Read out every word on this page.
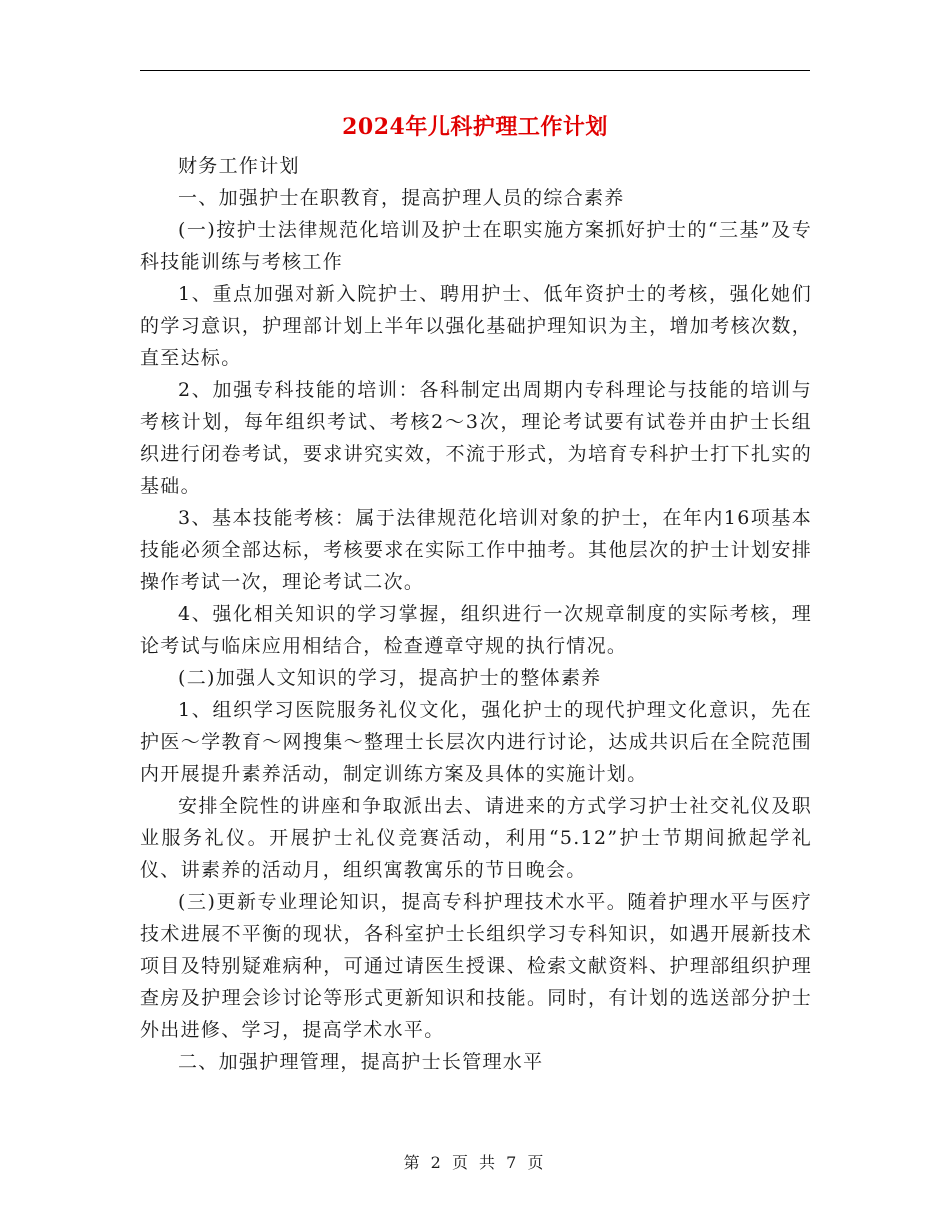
2024年儿科护理工作计划

财务工作计划

一、加强护士在职教育，提高护理人员的综合素养

(一)按护士法律规范化培训及护士在职实施方案抓好护士的“三基”及专科技能训练与考核工作

1、重点加强对新入院护士、聘用护士、低年资护士的考核，强化她们的学习意识，护理部计划上半年以强化基础护理知识为主，增加考核次数，直至达标。

2、加强专科技能的培训：各科制定出周期内专科理论与技能的培训与考核计划，每年组织考试、考核2～3次，理论考试要有试卷并由护士长组织进行闭卷考试，要求讲究实效，不流于形式，为培育专科护士打下扎实的基础。

3、基本技能考核：属于法律规范化培训对象的护士，在年内16项基本技能必须全部达标，考核要求在实际工作中抽考。其他层次的护士计划安排操作考试一次，理论考试二次。

4、强化相关知识的学习掌握，组织进行一次规章制度的实际考核，理论考试与临床应用相结合，检查遵章守规的执行情况。

(二)加强人文知识的学习，提高护士的整体素养

1、组织学习医院服务礼仪文化，强化护士的现代护理文化意识，先在护医～学教育～网搜集～整理士长层次内进行讨论，达成共识后在全院范围内开展提升素养活动，制定训练方案及具体的实施计划。

安排全院性的讲座和争取派出去、请进来的方式学习护士社交礼仪及职业服务礼仪。开展护士礼仪竞赛活动，利用“5.12”护士节期间掀起学礼仪、讲素养的活动月，组织寓教寓乐的节日晚会。

(三)更新专业理论知识，提高专科护理技术水平。随着护理水平与医疗技术进展不平衡的现状，各科室护士长组织学习专科知识，如遇开展新技术项目及特别疑难病种，可通过请医生授课、检索文献资料、护理部组织护理查房及护理会诊讨论等形式更新知识和技能。同时，有计划的选送部分护士外出进修、学习，提高学术水平。

二、加强护理管理，提高护士长管理水平

第 2 页 共 7 页
